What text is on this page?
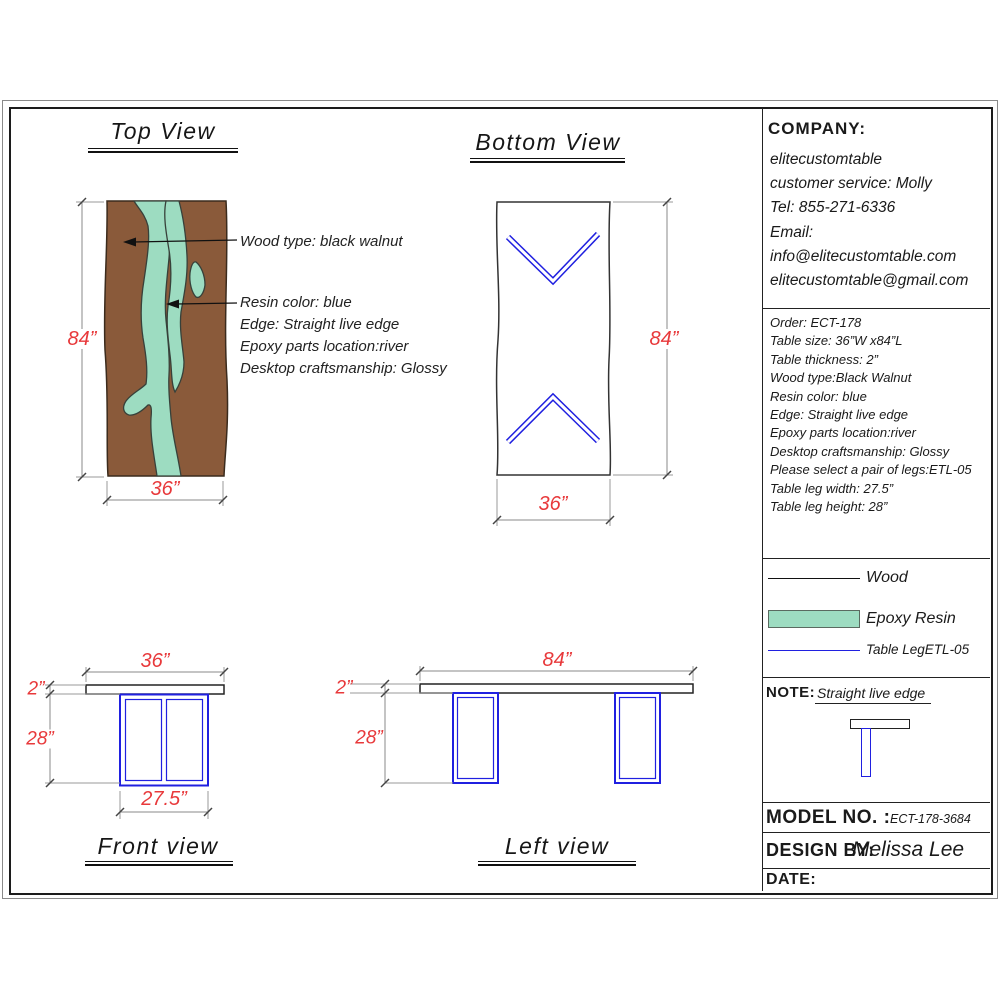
Top View	Bottom View
Front view	Left view
Wood type: black walnut
Resin color: blue
Edge: Straight live edge
Epoxy parts location:river
Desktop craftsmanship: Glossy
84”
36”
84”
36”
36”
2”
28”
27.5”
84”
2”
28”
COMPANY:
elitecustomtable
customer service: Molly
Tel: 855-271-6336
Email:
info@elitecustomtable.com
elitecustomtable@gmail.com
Order: ECT-178
Table size: 36”W x84”L
Table thickness: 2”
Wood type:Black Walnut
Resin color: blue
Edge: Straight live edge
Epoxy parts location:river
Desktop craftsmanship: Glossy
Please select a pair of legs:ETL-05
Table leg width: 27.5”
Table leg height: 28”
Wood
Epoxy Resin
Table LegETL-05
NOTE: Straight live edge
MODEL NO. : ECT-178-3684
DESIGN BY:
Melissa Lee
DATE:
